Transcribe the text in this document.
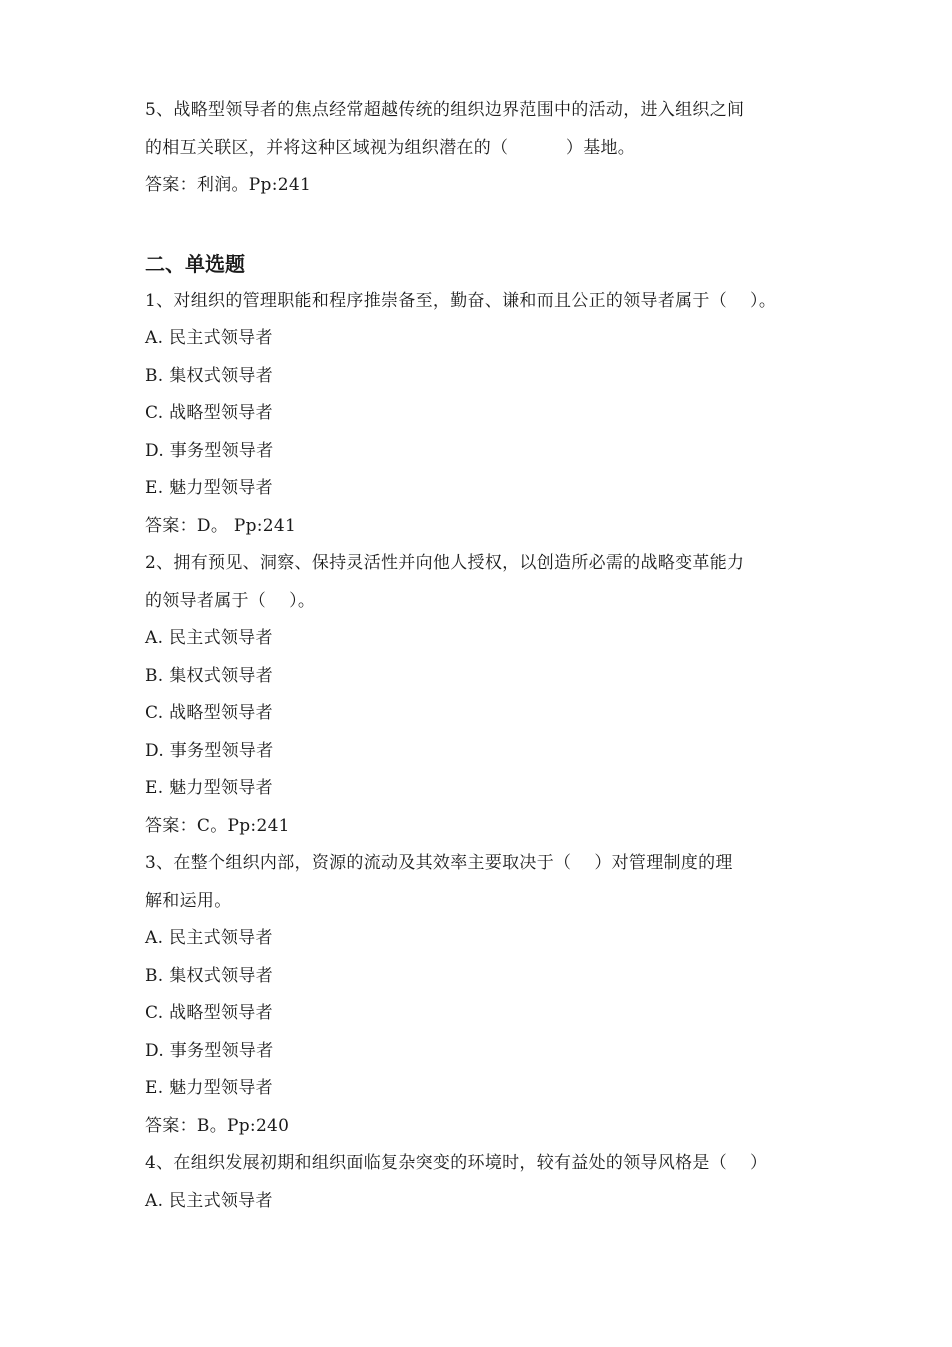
5、战略型领导者的焦点经常超越传统的组织边界范围中的活动，进入组织之间
的相互关联区，并将这种区域视为组织潜在的（　　　 ）基地。
答案：利润。Pp:241
二、单选题
1、对组织的管理职能和程序推崇备至，勤奋、谦和而且公正的领导者属于（　 ）。
A. 民主式领导者
B. 集权式领导者
C. 战略型领导者
D. 事务型领导者
E. 魅力型领导者
答案：D。 Pp:241
2、拥有预见、洞察、保持灵活性并向他人授权，以创造所必需的战略变革能力
的领导者属于（　 ）。
A. 民主式领导者
B. 集权式领导者
C. 战略型领导者
D. 事务型领导者
E. 魅力型领导者
答案：C。Pp:241
3、在整个组织内部，资源的流动及其效率主要取决于（　 ）对管理制度的理
解和运用。
A. 民主式领导者
B. 集权式领导者
C. 战略型领导者
D. 事务型领导者
E. 魅力型领导者
答案：B。Pp:240
4、在组织发展初期和组织面临复杂突变的环境时，较有益处的领导风格是（　 ）
A. 民主式领导者
